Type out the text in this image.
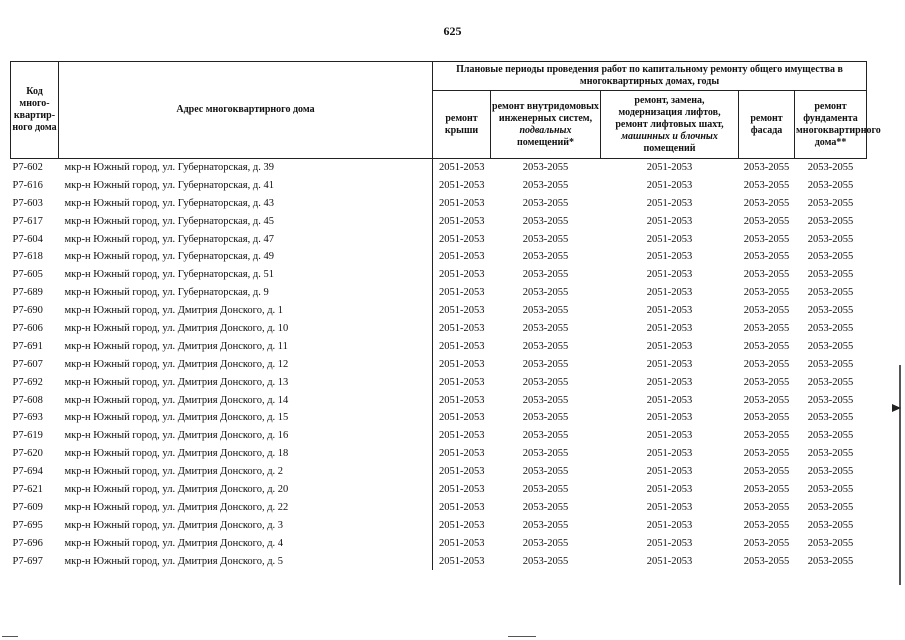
625
Код много-квартир-ного дома	Адрес многоквартирного дома	Плановые периоды проведения работ по капитальному ремонту общего имущества в многоквартирных домах, годы				
		ремонт крыши	ремонт внутридомовых инженерных систем, подвальных помещений*	ремонт, замена, модернизация лифтов, ремонт лифтовых шахт, машинных и блочных помещений	ремонт фасада	ремонт фундамента многоквартирного дома**
Р7-602	мкр-н Южный город, ул. Губернаторская, д. 39	2051-2053	2053-2055	2051-2053	2053-2055	2053-2055
Р7-616	мкр-н Южный город, ул. Губернаторская, д. 41	2051-2053	2053-2055	2051-2053	2053-2055	2053-2055
Р7-603	мкр-н Южный город, ул. Губернаторская, д. 43	2051-2053	2053-2055	2051-2053	2053-2055	2053-2055
Р7-617	мкр-н Южный город, ул. Губернаторская, д. 45	2051-2053	2053-2055	2051-2053	2053-2055	2053-2055
Р7-604	мкр-н Южный город, ул. Губернаторская, д. 47	2051-2053	2053-2055	2051-2053	2053-2055	2053-2055
Р7-618	мкр-н Южный город, ул. Губернаторская, д. 49	2051-2053	2053-2055	2051-2053	2053-2055	2053-2055
Р7-605	мкр-н Южный город, ул. Губернаторская, д. 51	2051-2053	2053-2055	2051-2053	2053-2055	2053-2055
Р7-689	мкр-н Южный город, ул. Губернаторская, д. 9	2051-2053	2053-2055	2051-2053	2053-2055	2053-2055
Р7-690	мкр-н Южный город, ул. Дмитрия Донского, д. 1	2051-2053	2053-2055	2051-2053	2053-2055	2053-2055
Р7-606	мкр-н Южный город, ул. Дмитрия Донского, д. 10	2051-2053	2053-2055	2051-2053	2053-2055	2053-2055
Р7-691	мкр-н Южный город, ул. Дмитрия Донского, д. 11	2051-2053	2053-2055	2051-2053	2053-2055	2053-2055
Р7-607	мкр-н Южный город, ул. Дмитрия Донского, д. 12	2051-2053	2053-2055	2051-2053	2053-2055	2053-2055
Р7-692	мкр-н Южный город, ул. Дмитрия Донского, д. 13	2051-2053	2053-2055	2051-2053	2053-2055	2053-2055
Р7-608	мкр-н Южный город, ул. Дмитрия Донского, д. 14	2051-2053	2053-2055	2051-2053	2053-2055	2053-2055
Р7-693	мкр-н Южный город, ул. Дмитрия Донского, д. 15	2051-2053	2053-2055	2051-2053	2053-2055	2053-2055
Р7-619	мкр-н Южный город, ул. Дмитрия Донского, д. 16	2051-2053	2053-2055	2051-2053	2053-2055	2053-2055
Р7-620	мкр-н Южный город, ул. Дмитрия Донского, д. 18	2051-2053	2053-2055	2051-2053	2053-2055	2053-2055
Р7-694	мкр-н Южный город, ул. Дмитрия Донского, д. 2	2051-2053	2053-2055	2051-2053	2053-2055	2053-2055
Р7-621	мкр-н Южный город, ул. Дмитрия Донского, д. 20	2051-2053	2053-2055	2051-2053	2053-2055	2053-2055
Р7-609	мкр-н Южный город, ул. Дмитрия Донского, д. 22	2051-2053	2053-2055	2051-2053	2053-2055	2053-2055
Р7-695	мкр-н Южный город, ул. Дмитрия Донского, д. 3	2051-2053	2053-2055	2051-2053	2053-2055	2053-2055
Р7-696	мкр-н Южный город, ул. Дмитрия Донского, д. 4	2051-2053	2053-2055	2051-2053	2053-2055	2053-2055
Р7-697	мкр-н Южный город, ул. Дмитрия Донского, д. 5	2051-2053	2053-2055	2051-2053	2053-2055	2053-2055
